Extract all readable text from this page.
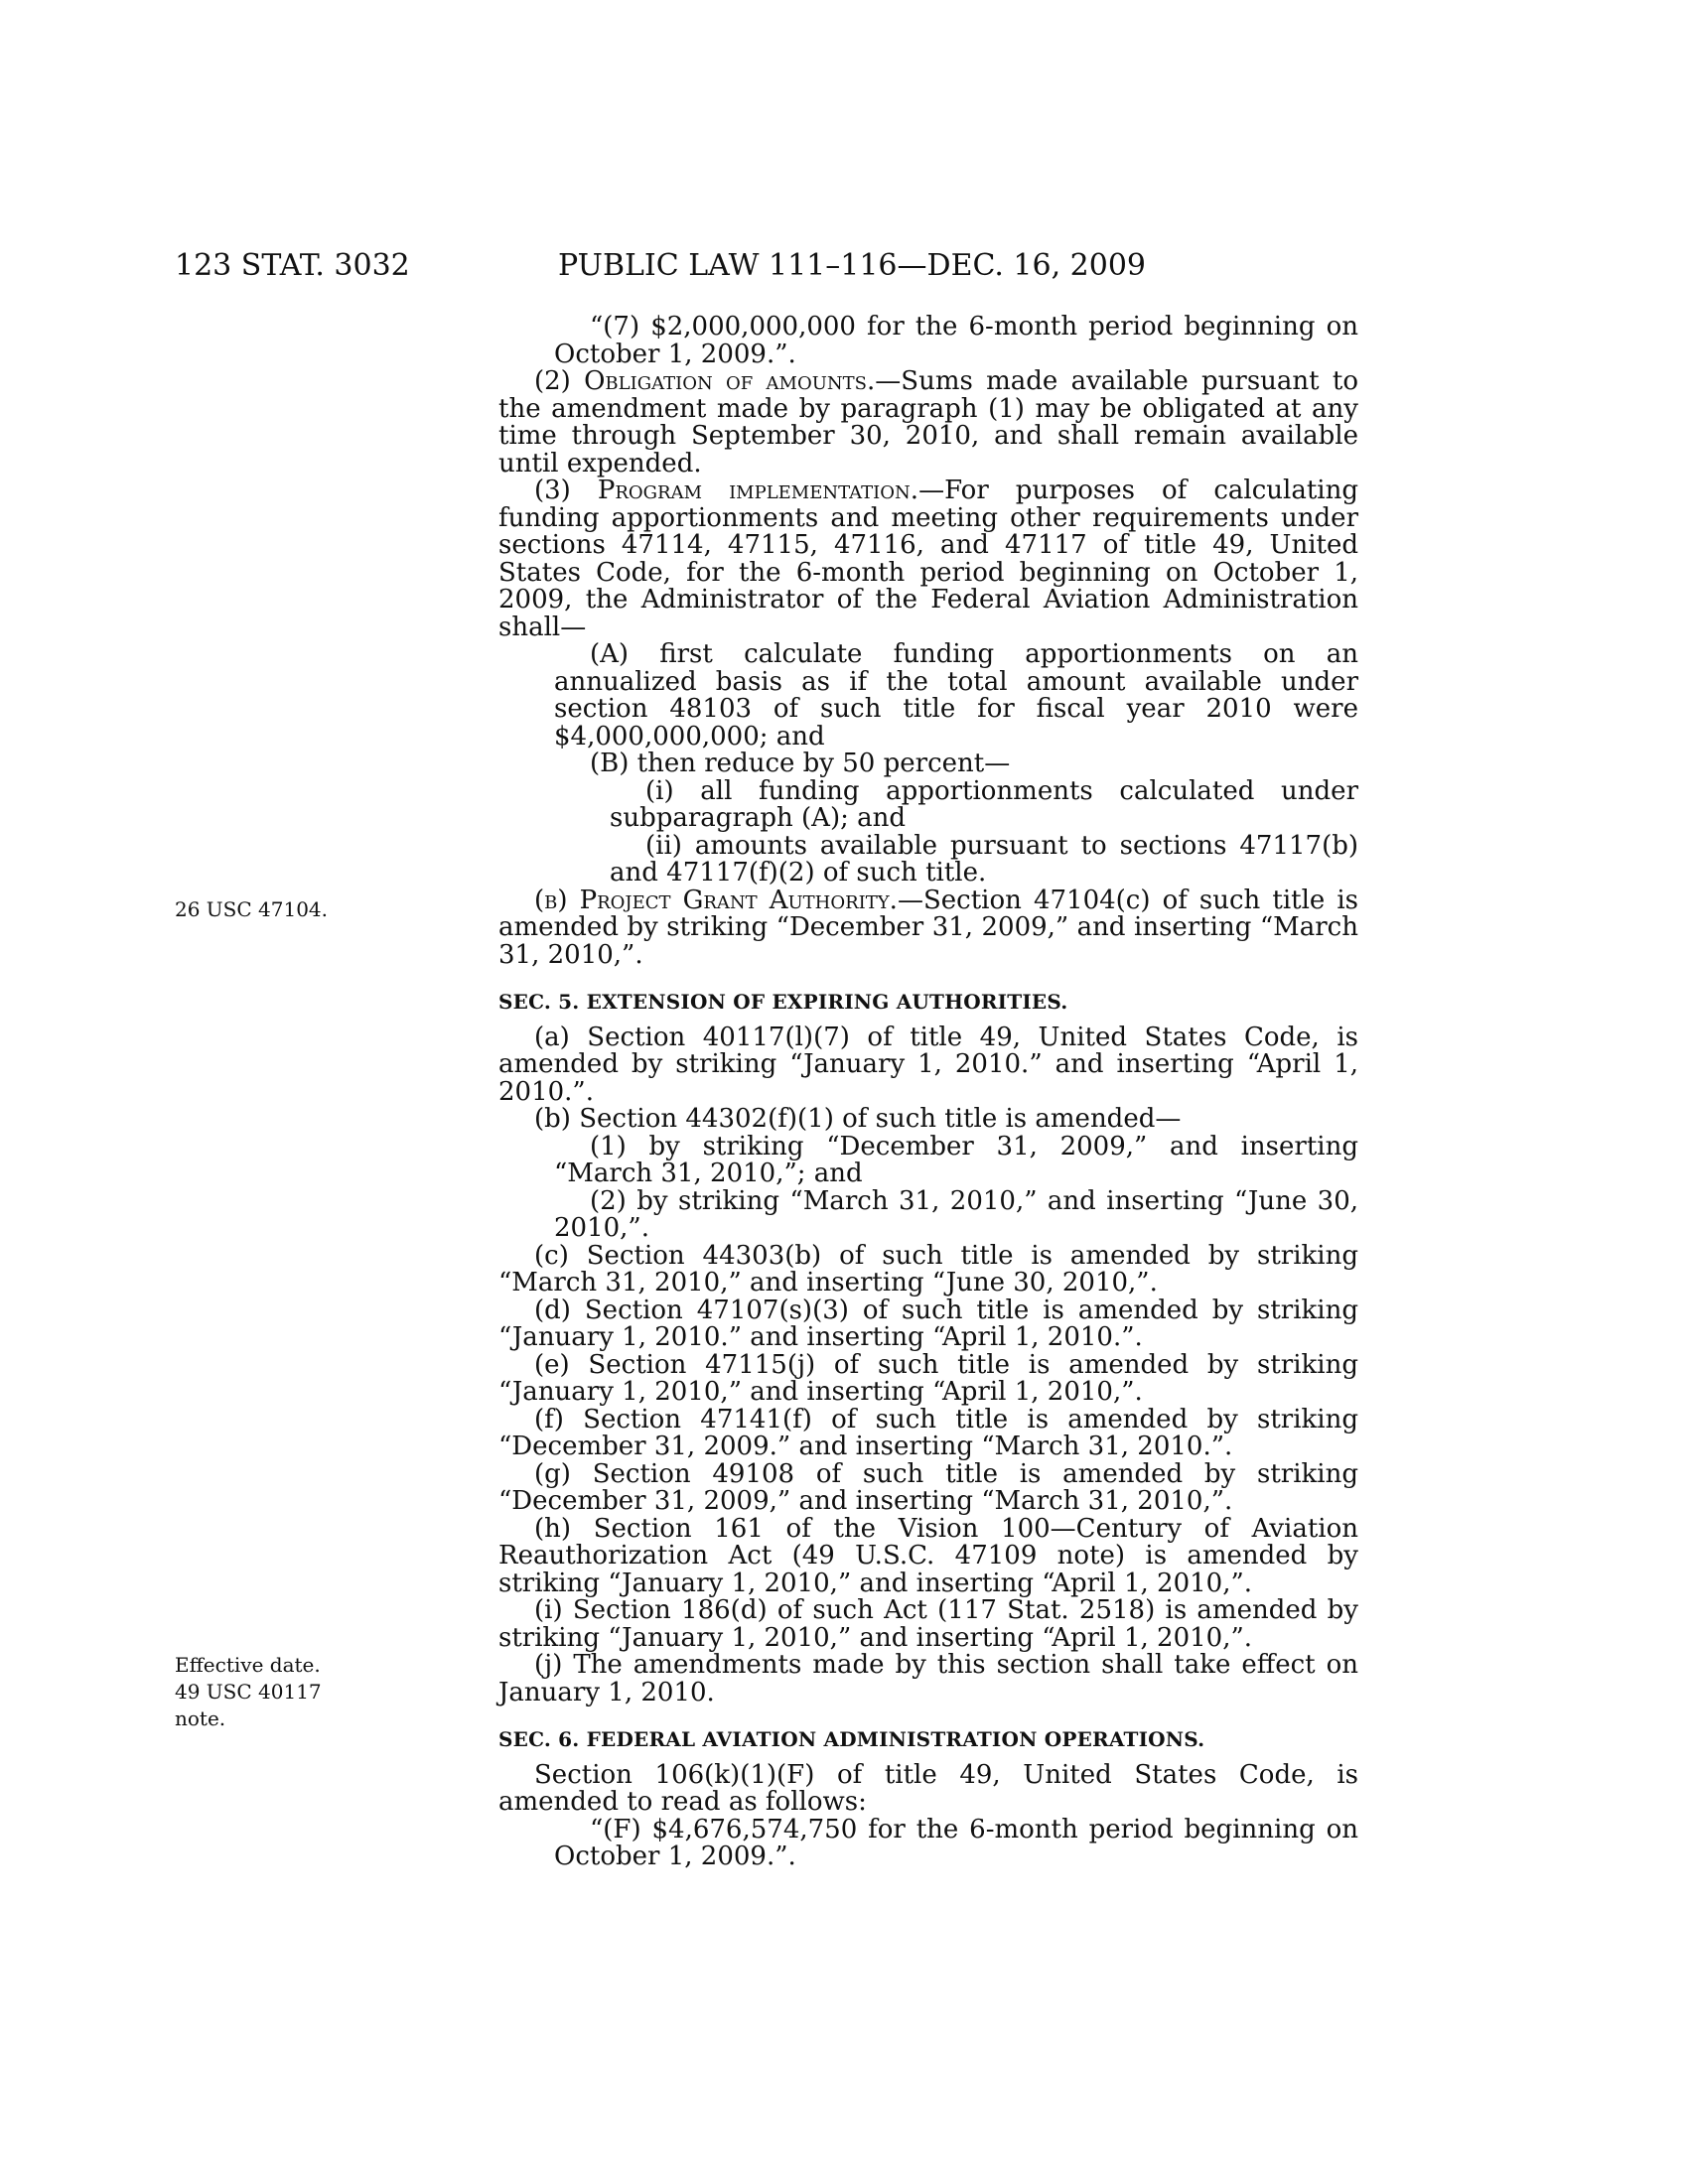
123 STAT. 3032	PUBLIC LAW 111–116—DEC. 16, 2009
26 USC 47104.
Effective date.
49 USC 40117
note.

“(7) $2,000,000,000 for the 6-month period beginning on October 1, 2009.”.

(2) Obligation of amounts.—Sums made available pursuant to the amendment made by paragraph (1) may be obligated at any time through September 30, 2010, and shall remain available until expended.

(3) Program implementation.—For purposes of calculating funding apportionments and meeting other requirements under sections 47114, 47115, 47116, and 47117 of title 49, United States Code, for the 6-month period beginning on October 1, 2009, the Administrator of the Federal Aviation Administration shall—

(A) first calculate funding apportionments on an annualized basis as if the total amount available under section 48103 of such title for fiscal year 2010 were $4,000,000,000; and

(B) then reduce by 50 percent—

(i) all funding apportionments calculated under subparagraph (A); and

(ii) amounts available pursuant to sections 47117(b) and 47117(f)(2) of such title.

(b) Project Grant Authority.—Section 47104(c) of such title is amended by striking “December 31, 2009,” and inserting “March 31, 2010,”.

SEC. 5. EXTENSION OF EXPIRING AUTHORITIES.

(a) Section 40117(l)(7) of title 49, United States Code, is amended by striking “January 1, 2010.” and inserting “April 1, 2010.”.

(b) Section 44302(f)(1) of such title is amended—

(1) by striking “December 31, 2009,” and inserting “March 31, 2010,”; and

(2) by striking “March 31, 2010,” and inserting “June 30, 2010,”.

(c) Section 44303(b) of such title is amended by striking “March 31, 2010,” and inserting “June 30, 2010,”.

(d) Section 47107(s)(3) of such title is amended by striking “January 1, 2010.” and inserting “April 1, 2010.”.

(e) Section 47115(j) of such title is amended by striking “January 1, 2010,” and inserting “April 1, 2010,”.

(f) Section 47141(f) of such title is amended by striking “December 31, 2009.” and inserting “March 31, 2010.”.

(g) Section 49108 of such title is amended by striking “December 31, 2009,” and inserting “March 31, 2010,”.

(h) Section 161 of the Vision 100—Century of Aviation Reauthorization Act (49 U.S.C. 47109 note) is amended by striking “January 1, 2010,” and inserting “April 1, 2010,”.

(i) Section 186(d) of such Act (117 Stat. 2518) is amended by striking “January 1, 2010,” and inserting “April 1, 2010,”.

(j) The amendments made by this section shall take effect on January 1, 2010.

SEC. 6. FEDERAL AVIATION ADMINISTRATION OPERATIONS.

Section 106(k)(1)(F) of title 49, United States Code, is amended to read as follows:

“(F) $4,676,574,750 for the 6-month period beginning on October 1, 2009.”.
